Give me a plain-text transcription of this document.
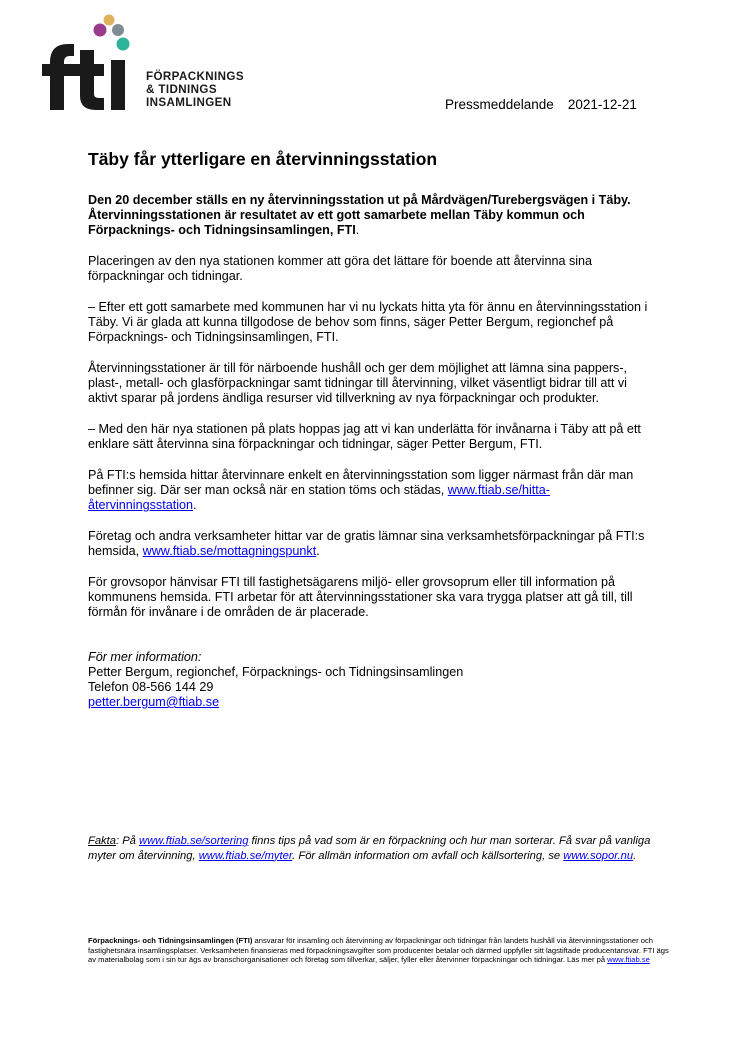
FÖRPACKNINGS
& TIDNINGS
INSAMLINGEN	Pressmeddelande 2021-12-21
Täby får ytterligare en återvinningsstation

Den 20 december ställs en ny återvinningsstation ut på Mårdvägen/Turebergsvägen i Täby. Återvinningsstationen är resultatet av ett gott samarbete mellan Täby kommun och Förpacknings- och Tidningsinsamlingen, FTI.

Placeringen av den nya stationen kommer att göra det lättare för boende att återvinna sina förpackningar och tidningar.

– Efter ett gott samarbete med kommunen har vi nu lyckats hitta yta för ännu en återvinningsstation i Täby. Vi är glada att kunna tillgodose de behov som finns, säger Petter Bergum, regionchef på Förpacknings- och Tidningsinsamlingen, FTI.

Återvinningsstationer är till för närboende hushåll och ger dem möjlighet att lämna sina pappers-, plast-, metall- och glasförpackningar samt tidningar till återvinning, vilket väsentligt bidrar till att vi aktivt sparar på jordens ändliga resurser vid tillverkning av nya förpackningar och produkter.

– Med den här nya stationen på plats hoppas jag att vi kan underlätta för invånarna i Täby att på ett enklare sätt återvinna sina förpackningar och tidningar, säger Petter Bergum, FTI.

På FTI:s hemsida hittar återvinnare enkelt en återvinningsstation som ligger närmast från där man befinner sig. Där ser man också när en station töms och städas, www.ftiab.se/hitta-återvinningsstation.

Företag och andra verksamheter hittar var de gratis lämnar sina verksamhetsförpackningar på FTI:s hemsida, www.ftiab.se/mottagningspunkt.

För grovsopor hänvisar FTI till fastighetsägarens miljö- eller grovsoprum eller till information på kommunens hemsida. FTI arbetar för att återvinningsstationer ska vara trygga platser att gå till, till förmån för invånare i de områden de är placerade.

För mer information:
Petter Bergum, regionchef, Förpacknings- och Tidningsinsamlingen
Telefon 08-566 144 29
petter.bergum@ftiab.se
Fakta: På www.ftiab.se/sortering finns tips på vad som är en förpackning och hur man sorterar. Få svar på vanliga myter om återvinning, www.ftiab.se/myter. För allmän information om avfall och källsortering, se www.sopor.nu.
Förpacknings- och Tidningsinsamlingen (FTI) ansvarar för insamling och återvinning av förpackningar och tidningar från landets hushåll via återvinningsstationer och fastighetsnära insamlingsplatser. Verksamheten finansieras med förpackningsavgifter som producenter betalar och därmed uppfyller sitt lagstiftade producentansvar. FTI ägs av materialbolag som i sin tur ägs av branschorganisationer och företag som tillverkar, säljer, fyller eller återvinner förpackningar och tidningar. Läs mer på www.ftiab.se
